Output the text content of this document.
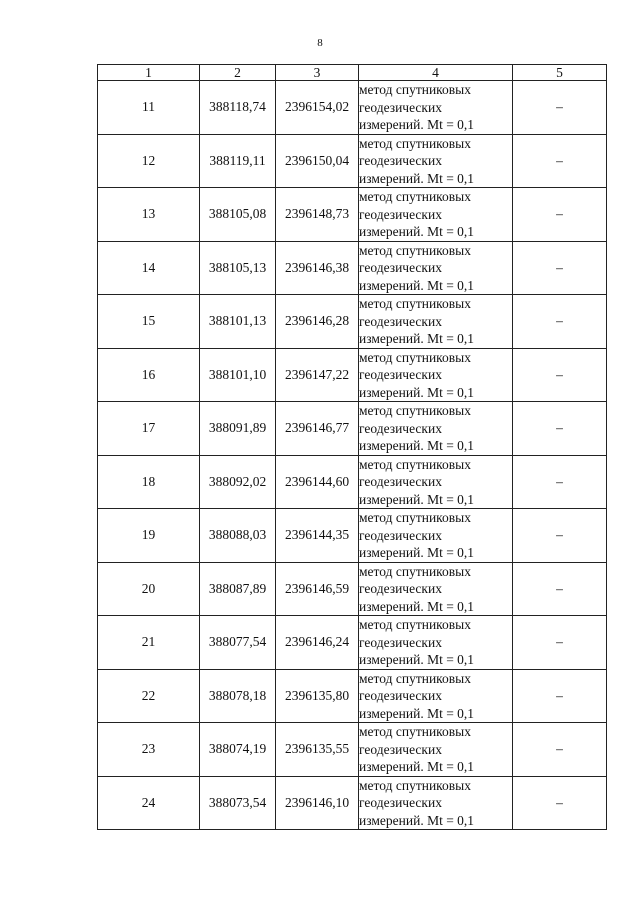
8
1	2	3	4	5
11	388118,74	2396154,02	метод спутниковых
геодезических
измерений. Mt = 0,1	–
12	388119,11	2396150,04	метод спутниковых
геодезических
измерений. Mt = 0,1	–
13	388105,08	2396148,73	метод спутниковых
геодезических
измерений. Mt = 0,1	–
14	388105,13	2396146,38	метод спутниковых
геодезических
измерений. Mt = 0,1	–
15	388101,13	2396146,28	метод спутниковых
геодезических
измерений. Mt = 0,1	–
16	388101,10	2396147,22	метод спутниковых
геодезических
измерений. Mt = 0,1	–
17	388091,89	2396146,77	метод спутниковых
геодезических
измерений. Mt = 0,1	–
18	388092,02	2396144,60	метод спутниковых
геодезических
измерений. Mt = 0,1	–
19	388088,03	2396144,35	метод спутниковых
геодезических
измерений. Mt = 0,1	–
20	388087,89	2396146,59	метод спутниковых
геодезических
измерений. Mt = 0,1	–
21	388077,54	2396146,24	метод спутниковых
геодезических
измерений. Mt = 0,1	–
22	388078,18	2396135,80	метод спутниковых
геодезических
измерений. Mt = 0,1	–
23	388074,19	2396135,55	метод спутниковых
геодезических
измерений. Mt = 0,1	–
24	388073,54	2396146,10	метод спутниковых
геодезических
измерений. Mt = 0,1	–
